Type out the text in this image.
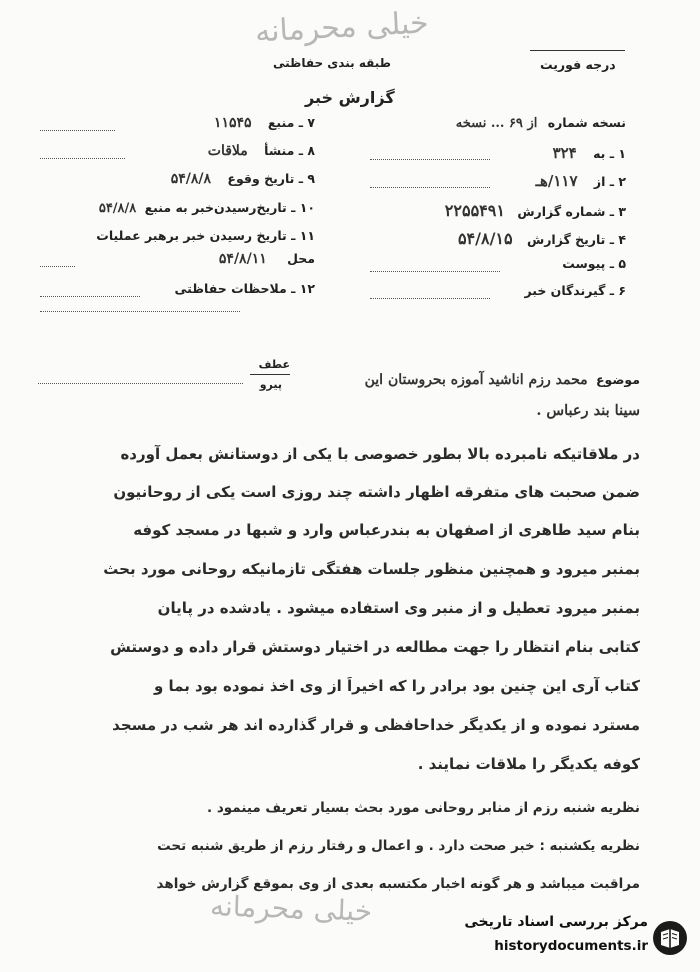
خیلی محرمانه
طبقه بندی حفاظتی	درجه فوریت
گزارش خبر
نسخه شماره از ۶۹ ... نسخه
۱ ـ به ۳۲۴
۲ ـ از ۱۱۷/هـ
۳ ـ شماره گزارش ۲۲۵۵۴۹۱
۴ ـ تاریخ گزارش ۵۴/۸/۱۵
۵ ـ پیوست
۶ ـ گیرندگان خبر
۷ ـ منبع ۱۱۵۴۵
۸ ـ منشأ ملاقات
۹ ـ تاریخ وقوع ۵۴/۸/۸
۱۰ ـ تاریخ‌رسیدن‌خبر به منبع ۵۴/۸/۸
۱۱ ـ تاریخ رسیدن خبر برهبر عملیات
محل ۵۴/۸/۱۱
۱۲ ـ ملاحظات حفاظتی
عطف
پیرو	موضوع محمد رزم اناشید آموزه بحروستان این
سینا بند رعباس .
در ملاقاتیکه نامبرده بالا بطور خصوصی با یکی از دوستانش بعمل آورده
ضمن صحبت های متفرقه اظهار داشته چند روزی است یکی از روحانیون
بنام سید طاهری از اصفهان به بندرعباس وارد و شبها در مسجد کوفه
بمنبر میرود و همچنین منظور جلسات هفتگی تازمانیکه روحانی مورد بحث
بمنبر میرود تعطیل و از منبر وی استفاده میشود . یادشده در پایان
کتابی بنام انتظار را جهت مطالعه در اختیار دوستش قرار داده و دوستش
کتاب آری این چنین بود برادر را که اخیراً از وی اخذ نموده بود بما و
مسترد نموده و از یکدیگر خداحافظی و قرار گذارده اند هر شب در مسجد
کوفه یکدیگر را ملاقات نمایند .
نظریه شنبه رزم از منابر روحانی مورد بحث بسیار تعریف مینمود .
نظریه یکشنبه : خبر صحت دارد . و اعمال و رفتار رزم از طریق شنبه تحت
مراقبت میباشد و هر گونه اخبار مکتسبه بعدی از وی بموقع گزارش خواهد
خیلی محرمانه	مرکز بررسی اسناد تاریخی
historydocuments.ir
